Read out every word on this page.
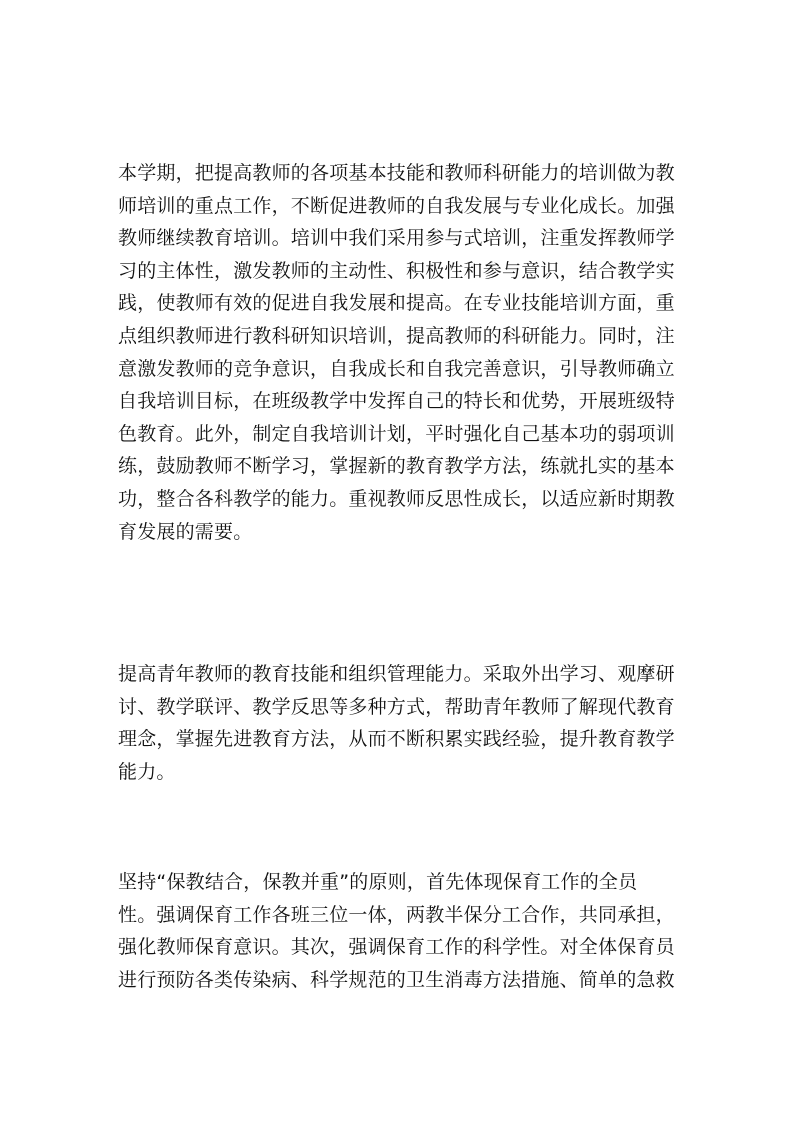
本学期，把提高教师的各项基本技能和教师科研能力的培训做为教
师培训的重点工作，不断促进教师的自我发展与专业化成长。加强
教师继续教育培训。培训中我们采用参与式培训，注重发挥教师学
习的主体性，激发教师的主动性、积极性和参与意识，结合教学实
践，使教师有效的促进自我发展和提高。在专业技能培训方面，重
点组织教师进行教科研知识培训，提高教师的科研能力。同时，注
意激发教师的竞争意识，自我成长和自我完善意识，引导教师确立
自我培训目标，在班级教学中发挥自己的特长和优势，开展班级特
色教育。此外，制定自我培训计划，平时强化自己基本功的弱项训
练，鼓励教师不断学习，掌握新的教育教学方法，练就扎实的基本
功，整合各科教学的能力。重视教师反思性成长，以适应新时期教
育发展的需要。

提高青年教师的教育技能和组织管理能力。采取外出学习、观摩研
讨、教学联评、教学反思等多种方式，帮助青年教师了解现代教育
理念，掌握先进教育方法，从而不断积累实践经验，提升教育教学
能力。

坚持“保教结合，保教并重”的原则，首先体现保育工作的全员
性。强调保育工作各班三位一体，两教半保分工合作，共同承担，
强化教师保育意识。其次，强调保育工作的科学性。对全体保育员
进行预防各类传染病、科学规范的卫生消毒方法措施、简单的急救
